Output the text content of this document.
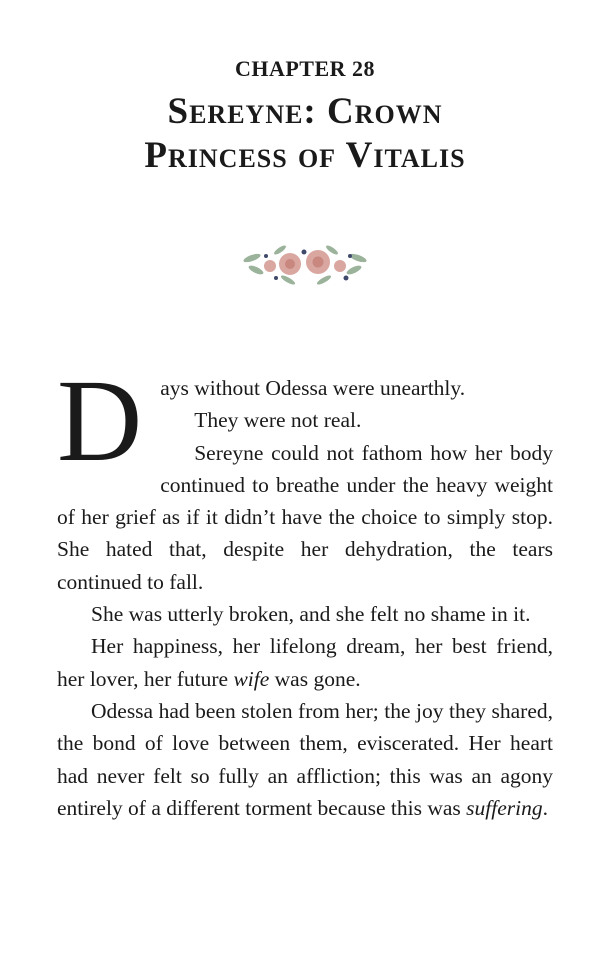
CHAPTER 28
Sereyne: Crown
Princess of Vitalis
D ays without Odessa were unearthly.

They were not real.

Sereyne could not fathom how her body continued to breathe under the heavy weight of her grief as if it didn’t have the choice to simply stop. She hated that, despite her dehydration, the tears continued to fall.

She was utterly broken, and she felt no shame in it.

Her happiness, her lifelong dream, her best friend, her lover, her future wife was gone.

Odessa had been stolen from her; the joy they shared, the bond of love between them, eviscerated. Her heart had never felt so fully an affliction; this was an agony entirely of a different torment because this was suffering.
